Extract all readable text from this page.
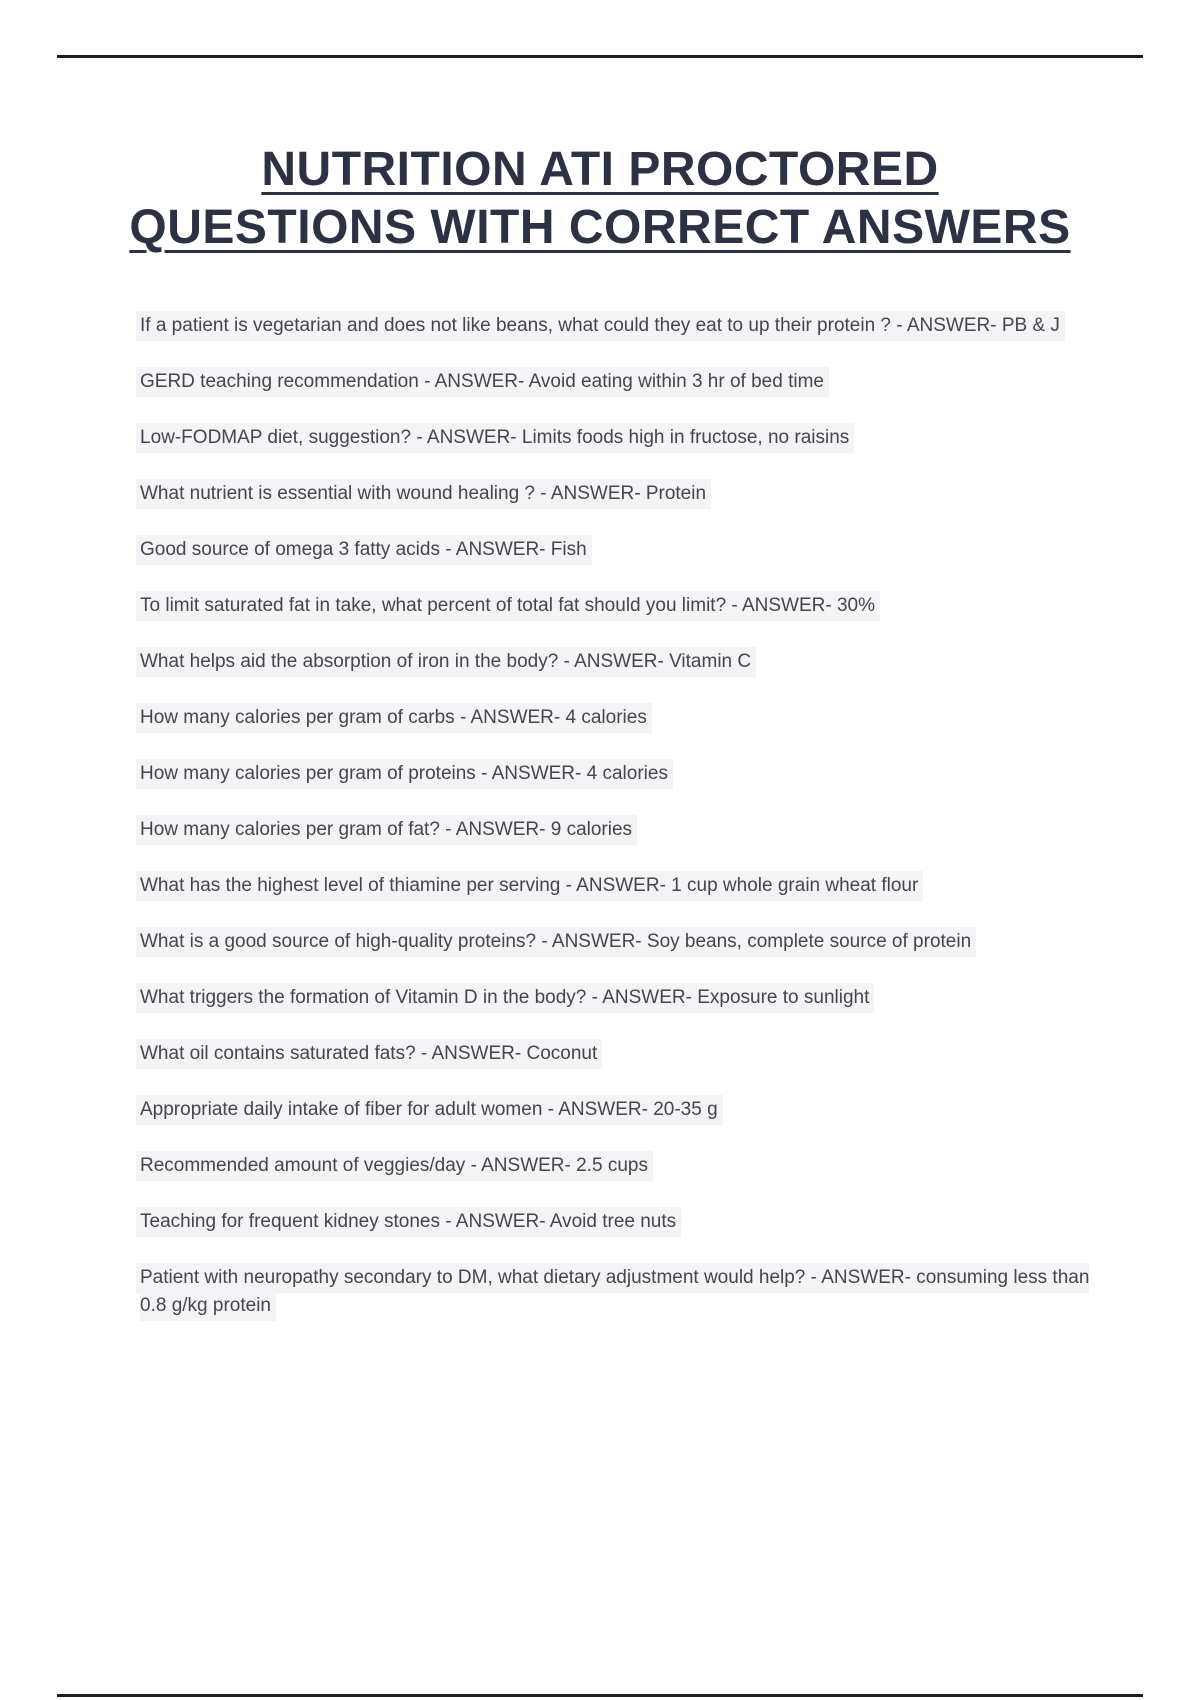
NUTRITION ATI PROCTORED
QUESTIONS WITH CORRECT ANSWERS

If a patient is vegetarian and does not like beans, what could they eat to up their protein ? - ANSWER- PB & J

GERD teaching recommendation - ANSWER- Avoid eating within 3 hr of bed time

Low-FODMAP diet, suggestion? - ANSWER- Limits foods high in fructose, no raisins

What nutrient is essential with wound healing ? - ANSWER- Protein

Good source of omega 3 fatty acids - ANSWER- Fish

To limit saturated fat in take, what percent of total fat should you limit? - ANSWER- 30%

What helps aid the absorption of iron in the body? - ANSWER- Vitamin C

How many calories per gram of carbs - ANSWER- 4 calories

How many calories per gram of proteins - ANSWER- 4 calories

How many calories per gram of fat? - ANSWER- 9 calories

What has the highest level of thiamine per serving - ANSWER- 1 cup whole grain wheat flour

What is a good source of high-quality proteins? - ANSWER- Soy beans, complete source of protein

What triggers the formation of Vitamin D in the body? - ANSWER- Exposure to sunlight

What oil contains saturated fats? - ANSWER- Coconut

Appropriate daily intake of fiber for adult women - ANSWER- 20-35 g

Recommended amount of veggies/day - ANSWER- 2.5 cups

Teaching for frequent kidney stones - ANSWER- Avoid tree nuts

Patient with neuropathy secondary to DM, what dietary adjustment would help? - ANSWER- consuming less than 0.8 g/kg protein
